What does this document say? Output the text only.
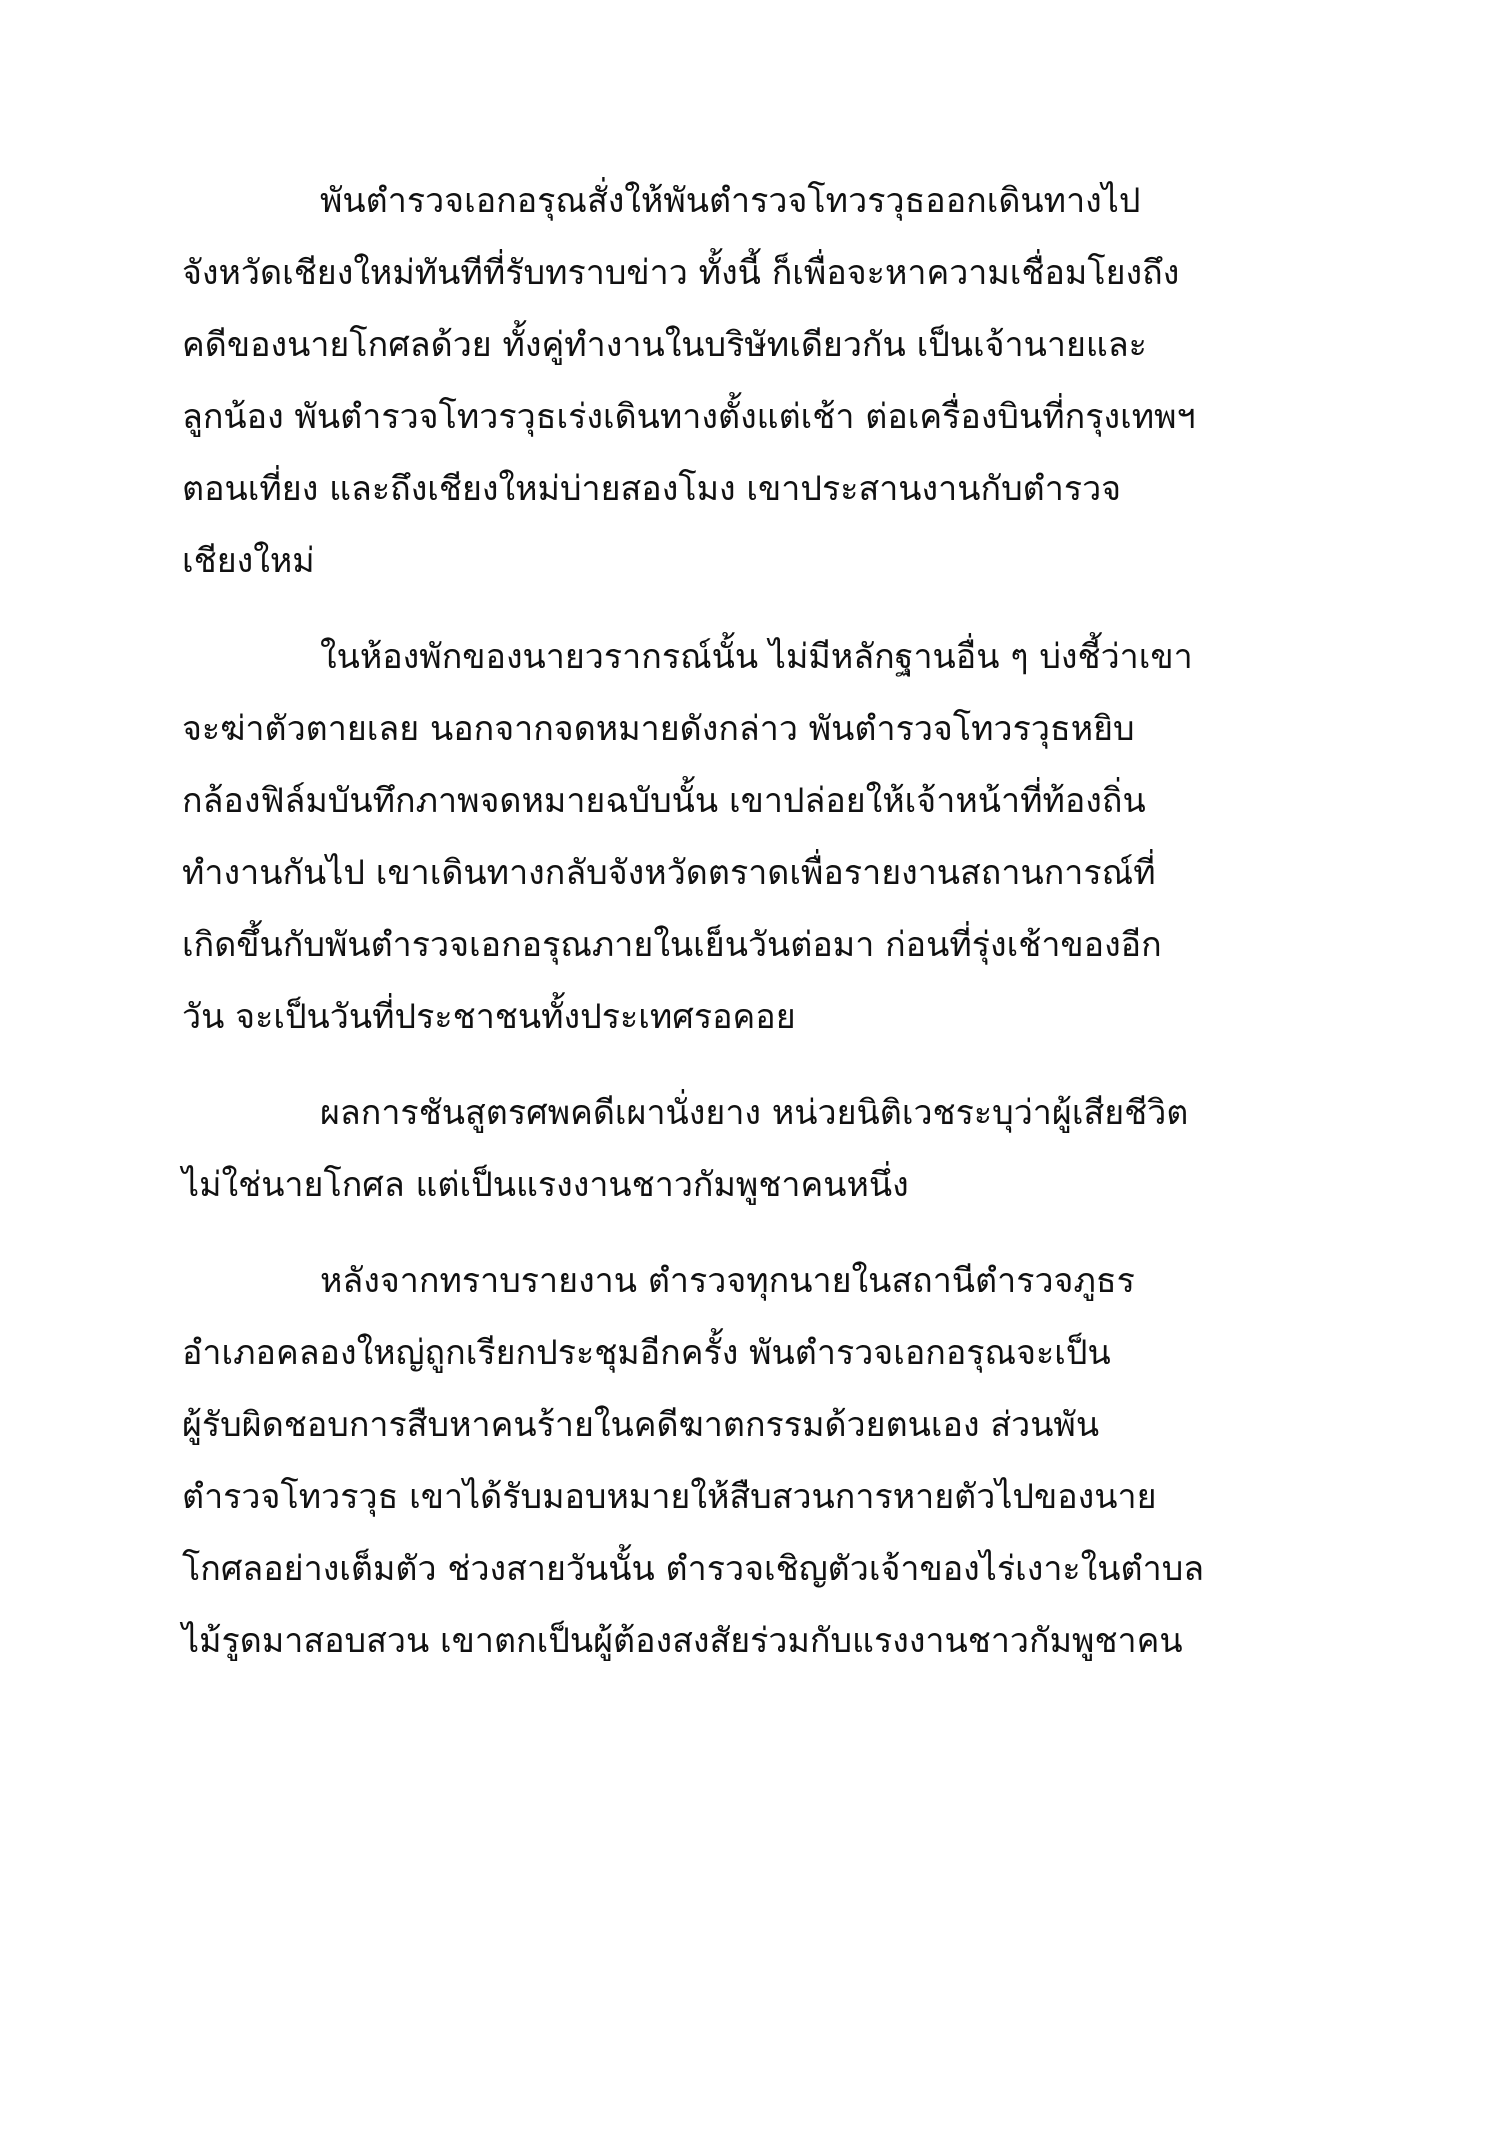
พันตำรวจเอกอรุณสั่งให้พันตำรวจโทวรวุธออกเดินทางไป
จังหวัดเชียงใหม่ทันทีที่รับทราบข่าว ทั้งนี้ ก็เพื่อจะหาความเชื่อมโยงถึง
คดีของนายโกศลด้วย ทั้งคู่ทำงานในบริษัทเดียวกัน เป็นเจ้านายและ
ลูกน้อง พันตำรวจโทวรวุธเร่งเดินทางตั้งแต่เช้า ต่อเครื่องบินที่กรุงเทพฯ
ตอนเที่ยง และถึงเชียงใหม่บ่ายสองโมง เขาประสานงานกับตำรวจ
เชียงใหม่

ในห้องพักของนายวรากรณ์นั้น ไม่มีหลักฐานอื่น ๆ บ่งชี้ว่าเขา
จะฆ่าตัวตายเลย นอกจากจดหมายดังกล่าว พันตำรวจโทวรวุธหยิบ
กล้องฟิล์มบันทึกภาพจดหมายฉบับนั้น เขาปล่อยให้เจ้าหน้าที่ท้องถิ่น
ทำงานกันไป เขาเดินทางกลับจังหวัดตราดเพื่อรายงานสถานการณ์ที่
เกิดขึ้นกับพันตำรวจเอกอรุณภายในเย็นวันต่อมา ก่อนที่รุ่งเช้าของอีก
วัน จะเป็นวันที่ประชาชนทั้งประเทศรอคอย

ผลการชันสูตรศพคดีเผานั่งยาง หน่วยนิติเวชระบุว่าผู้เสียชีวิต
ไม่ใช่นายโกศล แต่เป็นแรงงานชาวกัมพูชาคนหนึ่ง

หลังจากทราบรายงาน ตำรวจทุกนายในสถานีตำรวจภูธร
อำเภอคลองใหญ่ถูกเรียกประชุมอีกครั้ง พันตำรวจเอกอรุณจะเป็น
ผู้รับผิดชอบการสืบหาคนร้ายในคดีฆาตกรรมด้วยตนเอง ส่วนพัน
ตำรวจโทวรวุธ เขาได้รับมอบหมายให้สืบสวนการหายตัวไปของนาย
โกศลอย่างเต็มตัว ช่วงสายวันนั้น ตำรวจเชิญตัวเจ้าของไร่เงาะในตำบล
ไม้รูดมาสอบสวน เขาตกเป็นผู้ต้องสงสัยร่วมกับแรงงานชาวกัมพูชาคน
